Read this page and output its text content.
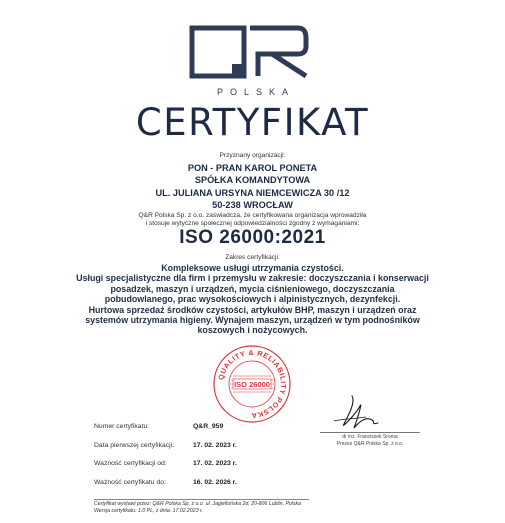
POLSKA
CERTYFIKAT
Przyznany organizacji:
PON - PRAN KAROL PONETA
SPÓŁKA KOMANDYTOWA
UL. JULIANA URSYNA NIEMCEWICZA 30 /12
50-238 WROCŁAW
Q&R Polska Sp. z o.o. zaświadcza, że certyfikowana organizacja wprowadziła
i stosuje wytyczne społecznej odpowiedzialności zgodny z wymaganiami:
ISO 26000:2021
Zakres certyfikacji:
Kompleksowe usługi utrzymania czystości.
Usługi specjalistyczne dla firm i przemysłu w zakresie: doczyszczania i konserwacji
posadzek, maszyn i urządzeń, mycia ciśnieniowego, doczyszczania
pobudowlanego, prac wysokościowych i alpinistycznych, dezynfekcji.
Hurtowa sprzedaż środków czystości, artykułów BHP, maszyn i urządzeń oraz
systemów utrzymania higieny. Wynajem maszyn, urządzeń w tym podnośników
koszowych i nożycowych.
QUALITY & RELIABILITY POLSKA
ISO 26000
Numer certyfikatu:	Q&R_959
Data pierwszej certyfikacji:	17. 02. 2023 r.
Ważność certyfikacji od:	17. 02. 2023 r.
Ważność certyfikatu do:	16. 02. 2026 r.
dr inż. Franciszek Sroma
Prezes Q&R Polska Sp. z o.o.
Certyfikat wystawi przez: Q&R Polska Sp. z o.o. ul. Jagiellońska 2d, 20-806 Lublin, Polska
Wersja certyfikatu: 1.0 PL, z dnia: 17.02.2023 r.
